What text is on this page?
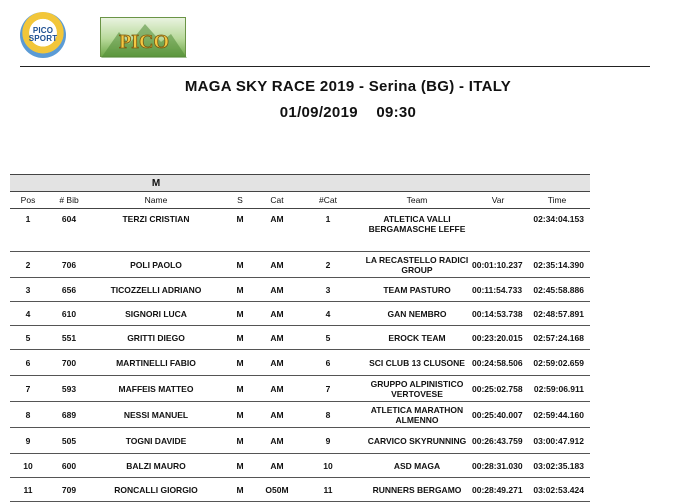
PICO
SPORT	PICO
MAGA SKY RACE 2019 - Serina (BG) - ITALY
01/09/2019 09:30
		M						
Pos	# Bib	Name	S	Cat	#Cat	Team	Var	Time
1	604	TERZI CRISTIAN	M	AM	1	ATLETICA VALLI BERGAMASCHE LEFFE		02:34:04.153
2	706	POLI PAOLO	M	AM	2	LA RECASTELLO RADICI GROUP	00:01:10.237	02:35:14.390
3	656	TICOZZELLI ADRIANO	M	AM	3	TEAM PASTURO	00:11:54.733	02:45:58.886
4	610	SIGNORI LUCA	M	AM	4	GAN NEMBRO	00:14:53.738	02:48:57.891
5	551	GRITTI DIEGO	M	AM	5	EROCK TEAM	00:23:20.015	02:57:24.168
6	700	MARTINELLI FABIO	M	AM	6	SCI CLUB 13 CLUSONE	00:24:58.506	02:59:02.659
7	593	MAFFEIS MATTEO	M	AM	7	GRUPPO ALPINISTICO VERTOVESE	00:25:02.758	02:59:06.911
8	689	NESSI MANUEL	M	AM	8	ATLETICA MARATHON ALMENNO	00:25:40.007	02:59:44.160
9	505	TOGNI DAVIDE	M	AM	9	CARVICO SKYRUNNING	00:26:43.759	03:00:47.912
10	600	BALZI MAURO	M	AM	10	ASD MAGA	00:28:31.030	03:02:35.183
11	709	RONCALLI GIORGIO	M	O50M	11	RUNNERS BERGAMO	00:28:49.271	03:02:53.424
